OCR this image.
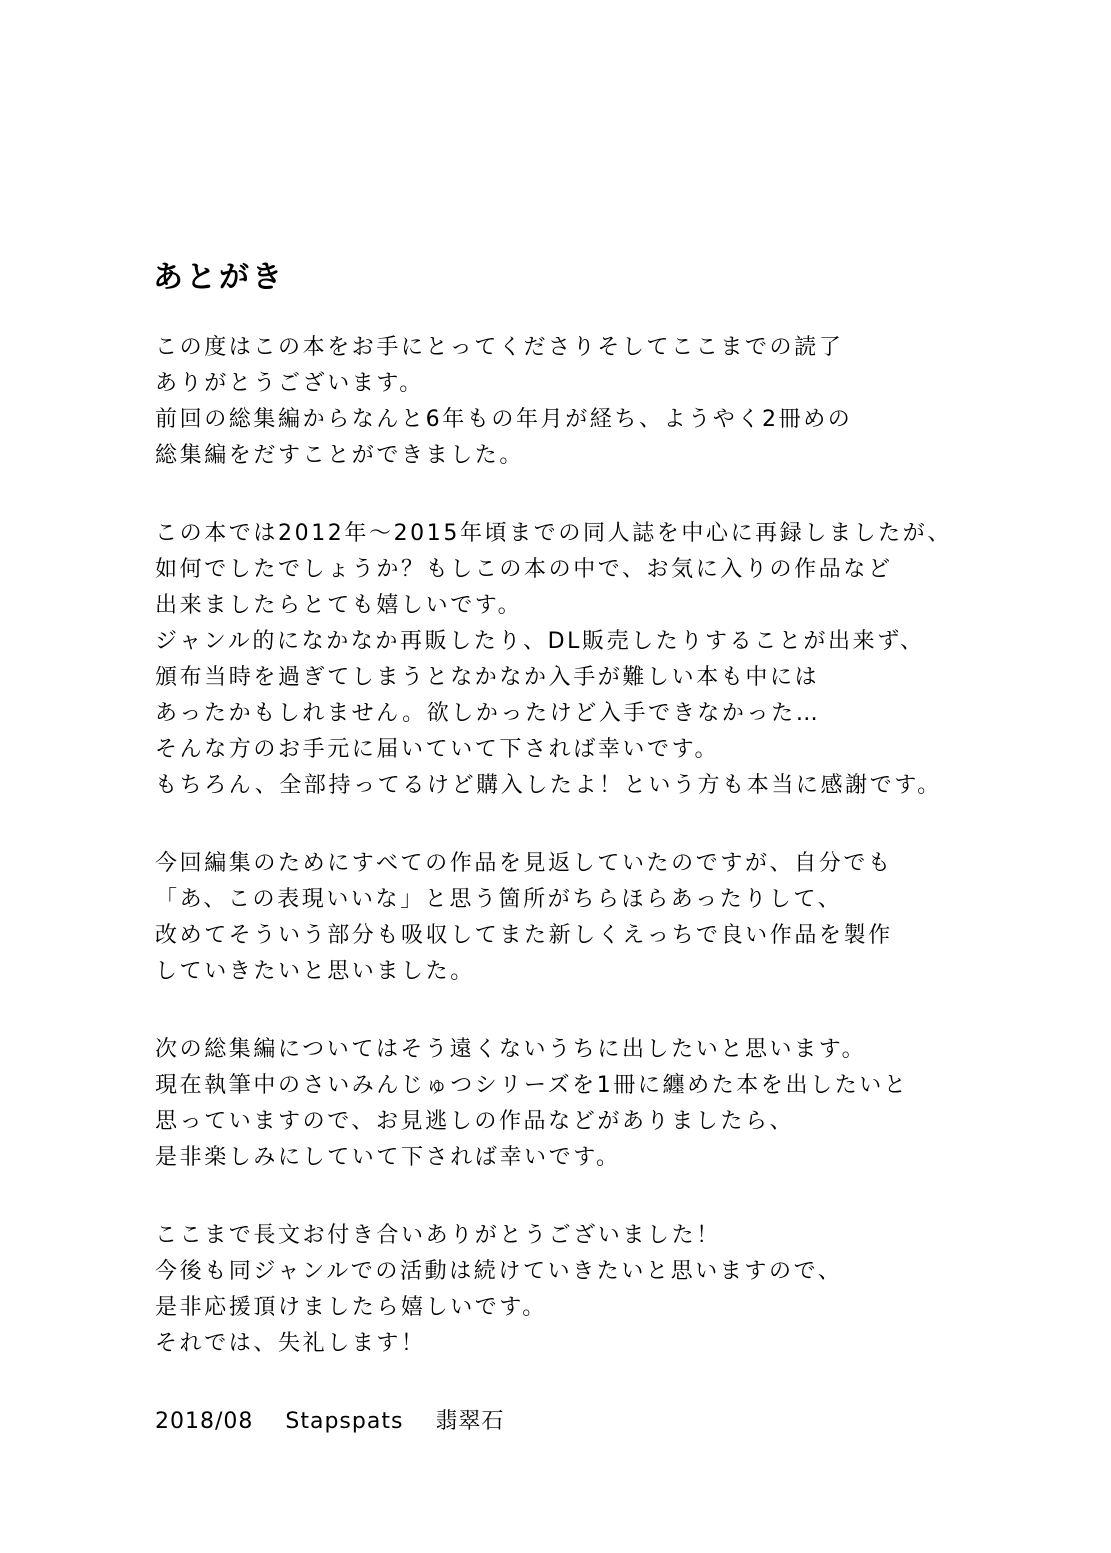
あとがき
この度はこの本をお手にとってくださりそしてここまでの読了
ありがとうございます。
前回の総集編からなんと6年もの年月が経ち、ようやく2冊めの
総集編をだすことができました。
この本では2012年～2015年頃までの同人誌を中心に再録しましたが、
如何でしたでしょうか？もしこの本の中で、お気に入りの作品など
出来ましたらとても嬉しいです。
ジャンル的になかなか再販したり、DL販売したりすることが出来ず、
頒布当時を過ぎてしまうとなかなか入手が難しい本も中には
あったかもしれません。欲しかったけど入手できなかった…
そんな方のお手元に届いていて下されば幸いです。
もちろん、全部持ってるけど購入したよ！という方も本当に感謝です。
今回編集のためにすべての作品を見返していたのですが、自分でも
「あ、この表現いいな」と思う箇所がちらほらあったりして、
改めてそういう部分も吸収してまた新しくえっちで良い作品を製作
していきたいと思いました。
次の総集編についてはそう遠くないうちに出したいと思います。
現在執筆中のさいみんじゅつシリーズを1冊に纏めた本を出したいと
思っていますので、お見逃しの作品などがありましたら、
是非楽しみにしていて下されば幸いです。
ここまで長文お付き合いありがとうございました！
今後も同ジャンルでの活動は続けていきたいと思いますので、
是非応援頂けましたら嬉しいです。
それでは、失礼します！
2018/08 Stapspats 翡翠石
